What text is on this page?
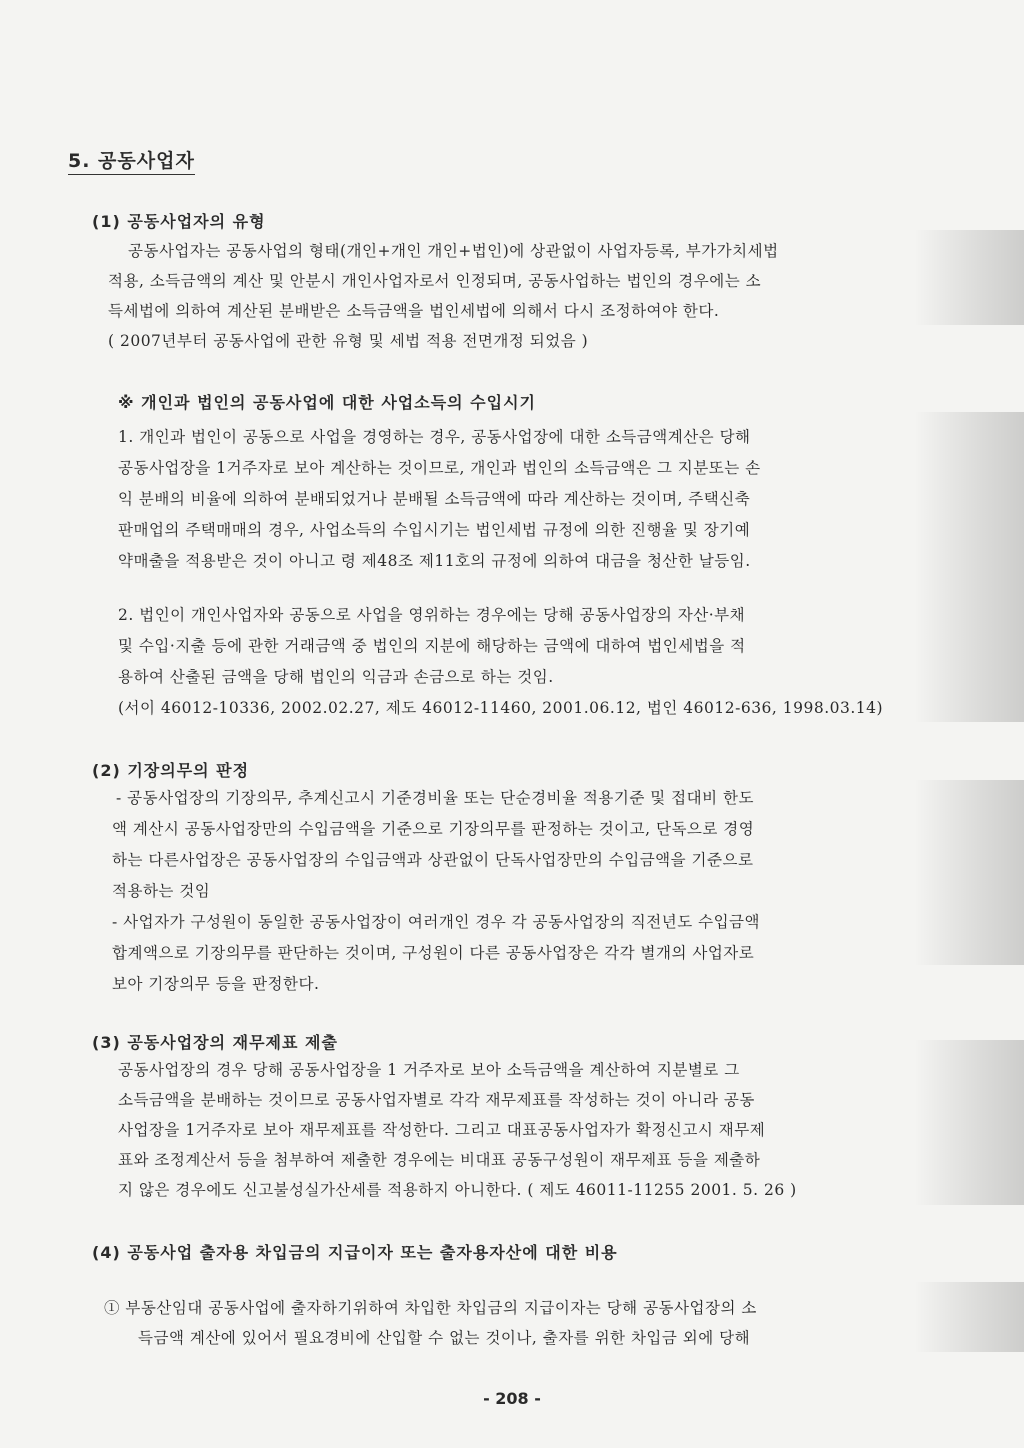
5. 공동사업자
(1) 공동사업자의 유형
공동사업자는 공동사업의 형태(개인+개인 개인+법인)에 상관없이 사업자등록, 부가가치세법
적용, 소득금액의 계산 및 안분시 개인사업자로서 인정되며, 공동사업하는 법인의 경우에는 소
득세법에 의하여 계산된 분배받은 소득금액을 법인세법에 의해서 다시 조정하여야 한다.
( 2007년부터 공동사업에 관한 유형 및 세법 적용 전면개정 되었음 )
※ 개인과 법인의 공동사업에 대한 사업소득의 수입시기
1. 개인과 법인이 공동으로 사업을 경영하는 경우, 공동사업장에 대한 소득금액계산은 당해
공동사업장을 1거주자로 보아 계산하는 것이므로, 개인과 법인의 소득금액은 그 지분또는 손
익 분배의 비율에 의하여 분배되었거나 분배될 소득금액에 따라 계산하는 것이며, 주택신축
판매업의 주택매매의 경우, 사업소득의 수입시기는 법인세법 규정에 의한 진행율 및 장기예
약매출을 적용받은 것이 아니고 령 제48조 제11호의 규정에 의하여 대금을 청산한 날등임.
2. 법인이 개인사업자와 공동으로 사업을 영위하는 경우에는 당해 공동사업장의 자산·부채
및 수입·지출 등에 관한 거래금액 중 법인의 지분에 해당하는 금액에 대하여 법인세법을 적
용하여 산출된 금액을 당해 법인의 익금과 손금으로 하는 것임.
(서이 46012-10336, 2002.02.27, 제도 46012-11460, 2001.06.12, 법인 46012-636, 1998.03.14)
(2) 기장의무의 판정
- 공동사업장의 기장의무, 추계신고시 기준경비율 또는 단순경비율 적용기준 및 접대비 한도
액 계산시 공동사업장만의 수입금액을 기준으로 기장의무를 판정하는 것이고, 단독으로 경영
하는 다른사업장은 공동사업장의 수입금액과 상관없이 단독사업장만의 수입금액을 기준으로
적용하는 것임
- 사업자가 구성원이 동일한 공동사업장이 여러개인 경우 각 공동사업장의 직전년도 수입금액
합계액으로 기장의무를 판단하는 것이며, 구성원이 다른 공동사업장은 각각 별개의 사업자로
보아 기장의무 등을 판정한다.
(3) 공동사업장의 재무제표 제출
공동사업장의 경우 당해 공동사업장을 1 거주자로 보아 소득금액을 계산하여 지분별로 그
소득금액을 분배하는 것이므로 공동사업자별로 각각 재무제표를 작성하는 것이 아니라 공동
사업장을 1거주자로 보아 재무제표를 작성한다. 그리고 대표공동사업자가 확정신고시 재무제
표와 조정계산서 등을 첨부하여 제출한 경우에는 비대표 공동구성원이 재무제표 등을 제출하
지 않은 경우에도 신고불성실가산세를 적용하지 아니한다. ( 제도 46011-11255 2001. 5. 26 )
(4) 공동사업 출자용 차입금의 지급이자 또는 출자용자산에 대한 비용
① 부동산임대 공동사업에 출자하기위하여 차입한 차입금의 지급이자는 당해 공동사업장의 소
득금액 계산에 있어서 필요경비에 산입할 수 없는 것이나, 출자를 위한 차입금 외에 당해
- 208 -
